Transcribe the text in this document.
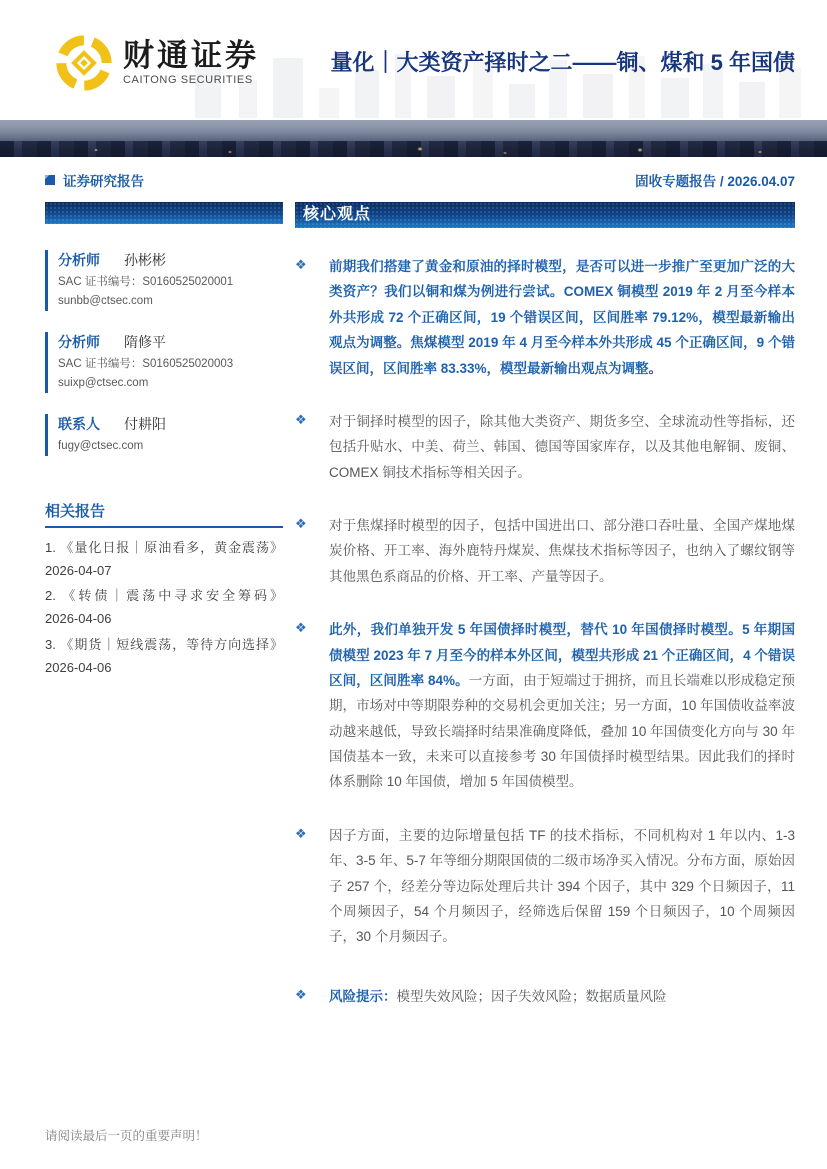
财通证券
CAITONG SECURITIES
量化｜大类资产择时之二——铜、煤和 5 年国债
证券研究报告	固收专题报告 / 2026.04.07
分析师 孙彬彬
SAC 证书编号：S0160525020001
sunbb@ctsec.com
分析师 隋修平
SAC 证书编号：S0160525020003
suixp@ctsec.com
联系人 付耕阳
fugy@ctsec.com
相关报告
1. 《量化日报｜原油看多，黄金震荡》
2026-04-07
2. 《转债｜震荡中寻求安全筹码》
2026-04-06
3. 《期货｜短线震荡，等待方向选择》
2026-04-06
核心观点
❖	前期我们搭建了黄金和原油的择时模型，是否可以进一步推广至更加广泛的大类资产？我们以铜和煤为例进行尝试。COMEX 铜模型 2019 年 2 月至今样本外共形成 72 个正确区间，19 个错误区间，区间胜率 79.12%，模型最新输出观点为调整。焦煤模型 2019 年 4 月至今样本外共形成 45 个正确区间，9 个错误区间，区间胜率 83.33%，模型最新输出观点为调整。
❖	对于铜择时模型的因子，除其他大类资产、期货多空、全球流动性等指标，还包括升贴水、中美、荷兰、韩国、德国等国家库存，以及其他电解铜、废铜、COMEX 铜技术指标等相关因子。
❖	对于焦煤择时模型的因子，包括中国进出口、部分港口吞吐量、全国产煤地煤炭价格、开工率、海外鹿特丹煤炭、焦煤技术指标等因子，也纳入了螺纹钢等其他黑色系商品的价格、开工率、产量等因子。
❖	此外，我们单独开发 5 年国债择时模型，替代 10 年国债择时模型。5 年期国债模型 2023 年 7 月至今的样本外区间，模型共形成 21 个正确区间，4 个错误区间，区间胜率 84%。一方面，由于短端过于拥挤，而且长端难以形成稳定预期，市场对中等期限券种的交易机会更加关注；另一方面，10 年国债收益率波动越来越低，导致长端择时结果准确度降低，叠加 10 年国债变化方向与 30 年国债基本一致，未来可以直接参考 30 年国债择时模型结果。因此我们的择时体系删除 10 年国债，增加 5 年国债模型。
❖	因子方面，主要的边际增量包括 TF 的技术指标，不同机构对 1 年以内、1-3 年、3-5 年、5-7 年等细分期限国债的二级市场净买入情况。分布方面，原始因子 257 个，经差分等边际处理后共计 394 个因子，其中 329 个日频因子，11 个周频因子，54 个月频因子，经筛选后保留 159 个日频因子，10 个周频因子，30 个月频因子。
❖	风险提示：模型失效风险；因子失效风险；数据质量风险
请阅读最后一页的重要声明！
